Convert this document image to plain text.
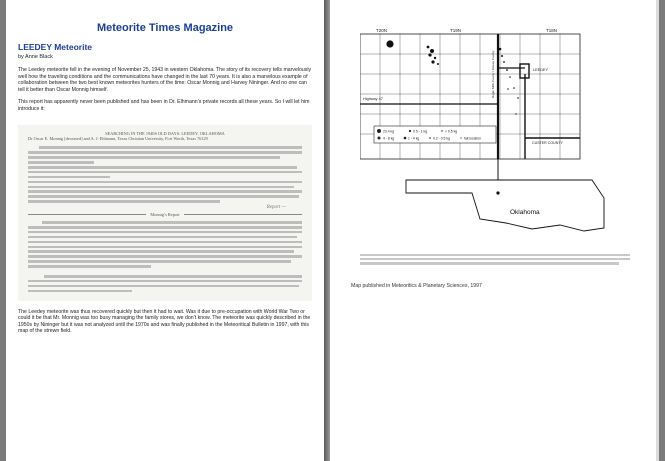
Meteorite Times Magazine
LEEDEY Meteorite

by Anne Black

The Leedey meteorite fell in the evening of November 25, 1943 in western Oklahoma. The story of its recovery tells marvelously well how the traveling conditions and the communications have changed in the last 70 years. It is also a marvelous example of collaboration between the two best known meteorites hunters of the time: Oscar Monnig and Harvey Nininger. And no one can tell it better than Oscar Monnig himself.

This report has apparently never been published and has been in Dr. Elhmann’s private records all these years. So I will let him introduce it:

SEARCHING IN THE 1940S OLD DAYS: LEEDEY, OKLAHOMA

Dr Oscar E. Monnig [deceased] and A. J. Ehlmann, Texas Christian University, Fort Worth, Texas 76129

Report —

Monnig’s Report

The Leedey meteorite was thus recovered quickly but then it had to wait. Was it due to pre-occupation with World War Two or could it be that Mr. Monnig was too busy managing the family stores, we don’t know. The meteorite was quickly described in the 1950s by Nininger but it was not analyzed until the 1970s and was finally published in the Meteoritical Bulletin in 1997, with this map of the strewn field.

T20N	T19N	T18N
Highway 47
Roger Mills County / Dewey County	LEEDEY
CUSTER COUNTY
23.4 kg
4 - 8 kg
0.5 - 1 kg	< 0.5 kg
1 - 4 kg	0.2 - 0.5 kg	fall location
Oklahoma

Map published in Meteoritics & Planetary Sciences, 1997
